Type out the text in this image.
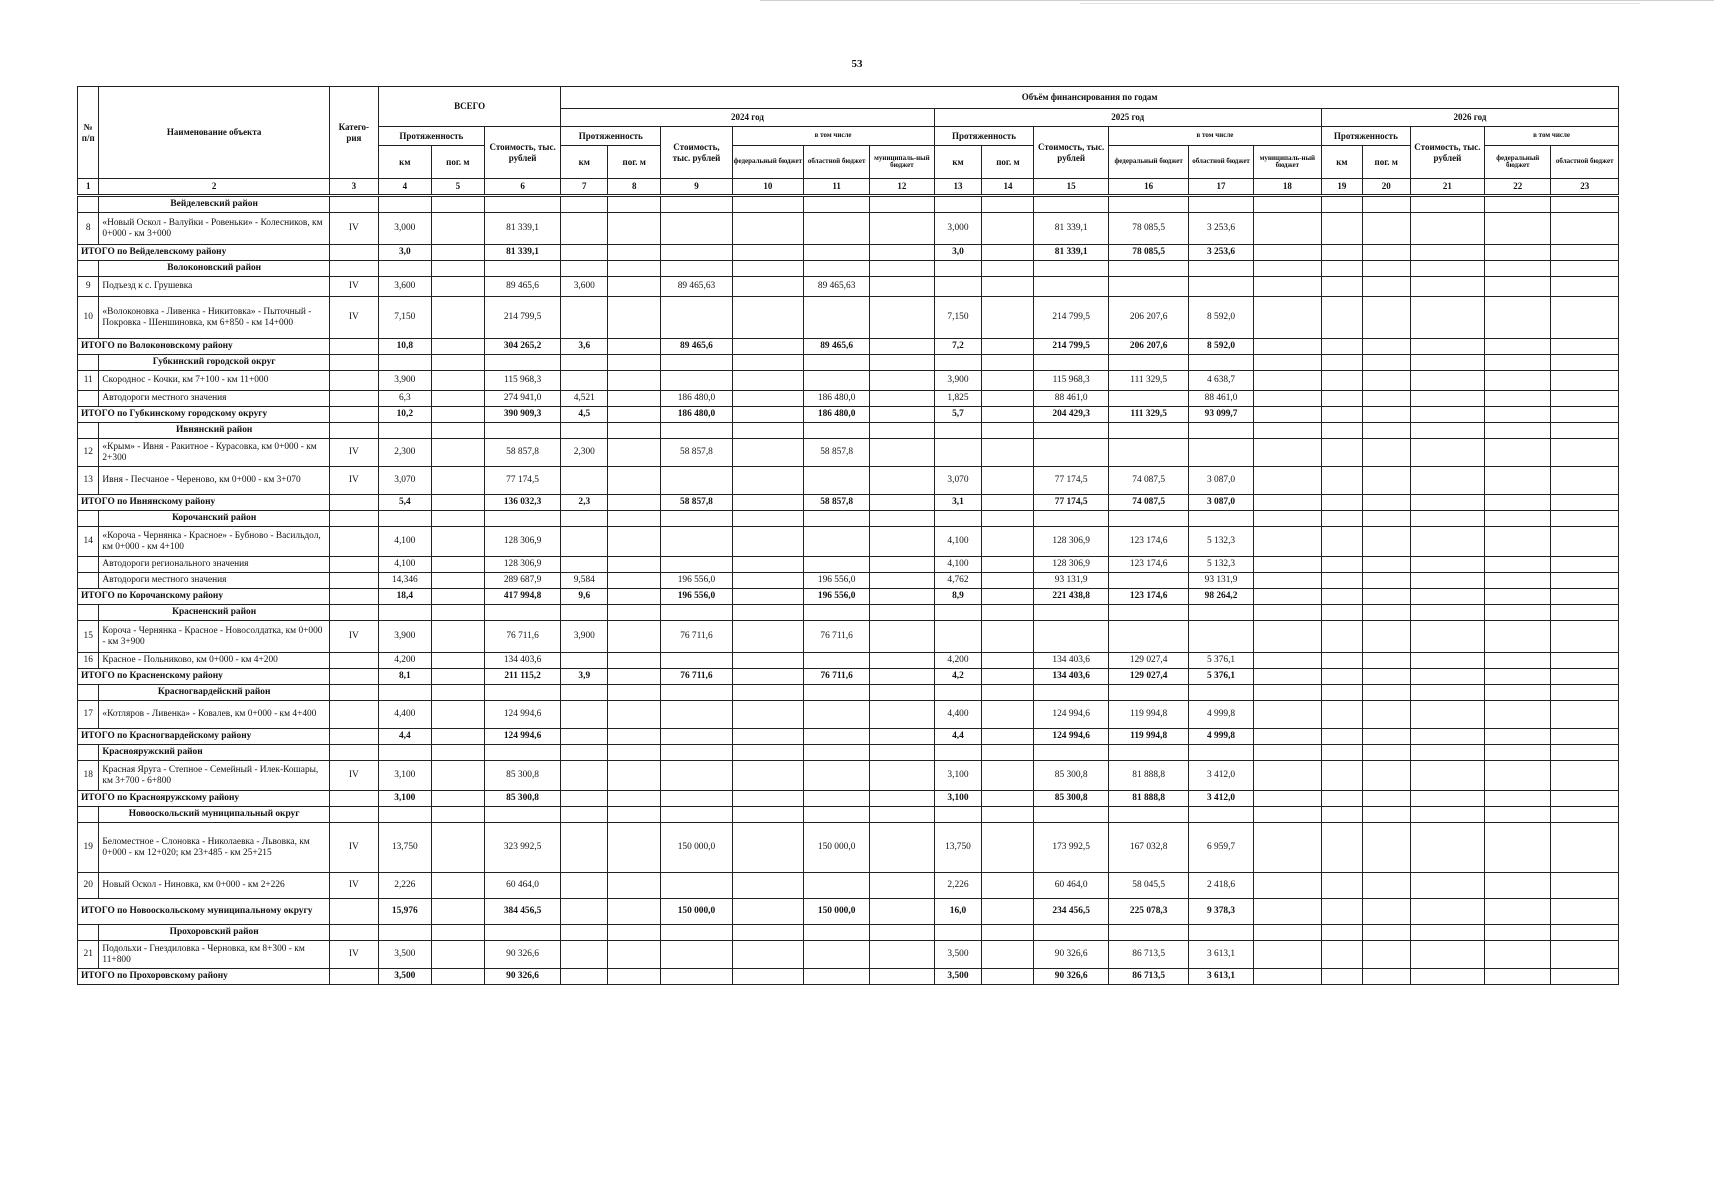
53
№ п/п	Наименование объекта	Катего-рия	ВСЕГО			Объём финансирования по годам																
						2024 год						2025 год						2026 год				
			Протяженность		Стоимость, тыс. рублей	Протяженность		Стоимость, тыс. рублей	в том числе			Протяженность		Стоимость, тыс. рублей	в том числе			Протяженность		Стоимость, тыс. рублей	в том числе	
			км	пог. м		км	пог. м		федеральный бюджет	областной бюджет	муниципаль-ный бюджет	км	пог. м		федеральный бюджет	областной бюджет	муниципаль-ный бюджет	км	пог. м		федеральный бюджет	областной бюджет
1	2	3	4	5	6	7	8	9	10	11	12	13	14	15	16	17	18	19	20	21	22	23
	Вейделевский район																					
8	«Новый Оскол - Валуйки - Ровеньки» - Колесников, км 0+000 - км 3+000	IV	3,000		81 339,1							3,000		81 339,1	78 085,5	3 253,6						
ИТОГО по Вейделевскому району			3,0		81 339,1							3,0		81 339,1	78 085,5	3 253,6						
	Волоконовский район																					
9	Подъезд к с. Грушевка	IV	3,600		89 465,6	3,600		89 465,63		89 465,63												
10	«Волоконовка - Ливенка - Никитовка» - Пыточный - Покровка - Шеншиновка, км 6+850 - км 14+000	IV	7,150		214 799,5							7,150		214 799,5	206 207,6	8 592,0						
ИТОГО по Волоконовскому району			10,8		304 265,2	3,6		89 465,6		89 465,6		7,2		214 799,5	206 207,6	8 592,0						
	Губкинский городской округ																					
11	Скороднос - Кочки, км 7+100 - км 11+000		3,900		115 968,3							3,900		115 968,3	111 329,5	4 638,7						
	Автодороги местного значения		6,3		274 941,0	4,521		186 480,0		186 480,0		1,825		88 461,0		88 461,0						
ИТОГО по Губкинскому городскому округу			10,2		390 909,3	4,5		186 480,0		186 480,0		5,7		204 429,3	111 329,5	93 099,7						
	Ивнянский район																					
12	«Крым» - Ивня - Ракитное - Курасовка, км 0+000 - км 2+300	IV	2,300		58 857,8	2,300		58 857,8		58 857,8												
13	Ивня - Песчаное - Череново, км 0+000 - км 3+070	IV	3,070		77 174,5							3,070		77 174,5	74 087,5	3 087,0						
ИТОГО по Ивнянскому району			5,4		136 032,3	2,3		58 857,8		58 857,8		3,1		77 174,5	74 087,5	3 087,0						
	Корочанский район																					
14	«Короча - Чернянка - Красное» - Бубново - Васильдол, км 0+000 - км 4+100		4,100		128 306,9							4,100		128 306,9	123 174,6	5 132,3						
	Автодороги регионального значения		4,100		128 306,9							4,100		128 306,9	123 174,6	5 132,3						
	Автодороги местного значения		14,346		289 687,9	9,584		196 556,0		196 556,0		4,762		93 131,9		93 131,9						
ИТОГО по Корочанскому району			18,4		417 994,8	9,6		196 556,0		196 556,0		8,9		221 438,8	123 174,6	98 264,2						
	Красненский район																					
15	Короча - Чернянка - Красное - Новосолдатка, км 0+000 - км 3+900	IV	3,900		76 711,6	3,900		76 711,6		76 711,6												
16	Красное - Польниково, км 0+000 - км 4+200		4,200		134 403,6							4,200		134 403,6	129 027,4	5 376,1						
ИТОГО по Красненскому району			8,1		211 115,2	3,9		76 711,6		76 711,6		4,2		134 403,6	129 027,4	5 376,1						
	Красногвардейский район																					
17	«Котляров - Ливенка» - Ковалев, км 0+000 - км 4+400		4,400		124 994,6							4,400		124 994,6	119 994,8	4 999,8						
ИТОГО по Красногвардейскому району			4,4		124 994,6							4,4		124 994,6	119 994,8	4 999,8						
	Краснояружский район																					
18	Красная Яруга - Степное - Семейный - Илек-Кошары, км 3+700 - 6+800	IV	3,100		85 300,8							3,100		85 300,8	81 888,8	3 412,0						
ИТОГО по Краснояружскому району			3,100		85 300,8							3,100		85 300,8	81 888,8	3 412,0						
	Новооскольский муниципальный округ																					
19	Беломестное - Слоновка - Николаевка - Львовка, км 0+000 - км 12+020; км 23+485 - км 25+215	IV	13,750		323 992,5			150 000,0		150 000,0		13,750		173 992,5	167 032,8	6 959,7						
20	Новый Оскол - Ниновка, км 0+000 - км 2+226	IV	2,226		60 464,0							2,226		60 464,0	58 045,5	2 418,6						
ИТОГО по Новооскольскому муниципальному округу			15,976		384 456,5			150 000,0		150 000,0		16,0		234 456,5	225 078,3	9 378,3						
	Прохоровский район																					
21	Подольхи - Гнездиловка - Черновка, км 8+300 - км 11+800	IV	3,500		90 326,6							3,500		90 326,6	86 713,5	3 613,1						
ИТОГО по Прохоровскому району			3,500		90 326,6							3,500		90 326,6	86 713,5	3 613,1						
